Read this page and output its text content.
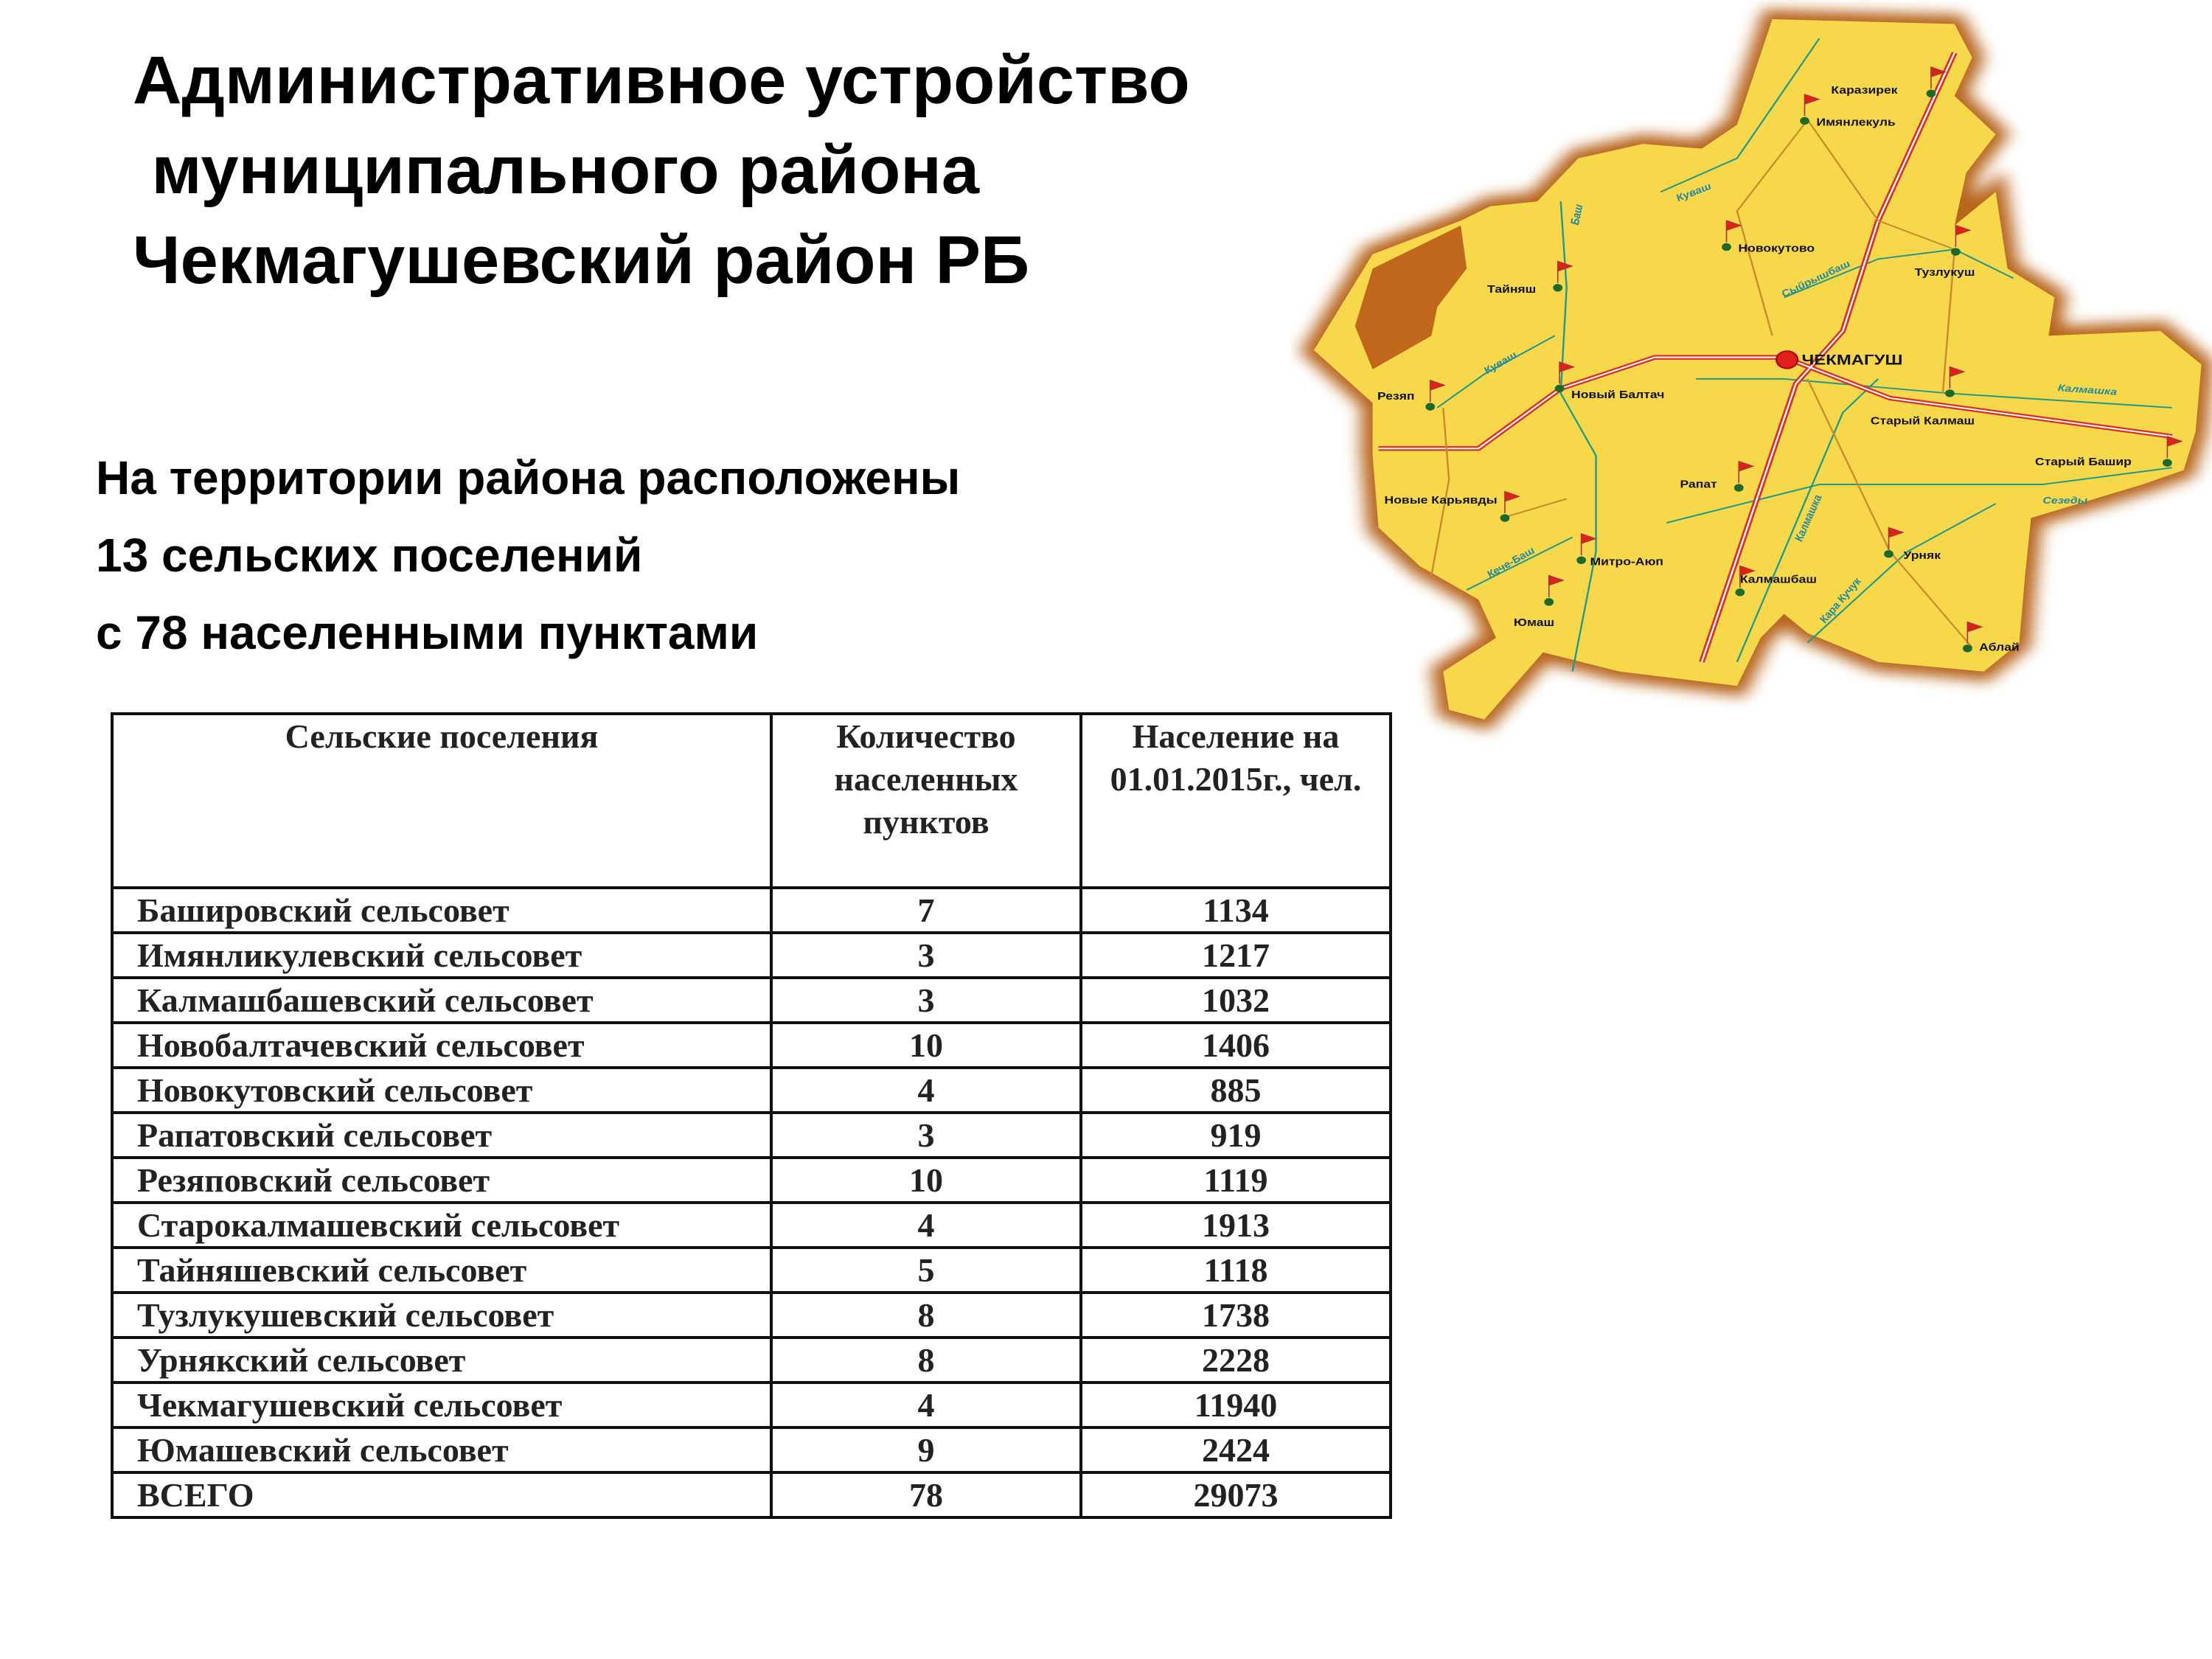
Административное устройство
муниципального района
Чекмагушевский район РБ
На территории района расположены
13 сельских поселений
с 78 населенными пунктами
ЧЕКМАГУШ
Каразирек
Имянлекуль
Новокутово
Тузлукуш
Тайняш
Новый Балтач
Резяп
Старый Калмаш
Старый Башир
Рапат
Новые Карьявды
Митро-Аюп
Калмашбаш
Урняк
Юмаш
Аблай
Куваш
Баш
Сыйрышбаш
Куваш
Калмашка
Сезеды
Калмашка
Кече-Баш
Кара Кучук
Сельские поселения	Количество населенных пунктов	Население на 01.01.2015г., чел.
Башировский сельсовет	7	1134
Имянликулевский сельсовет	3	1217
Калмашбашевский сельсовет	3	1032
Новобалтачевский сельсовет	10	1406
Новокутовский сельсовет	4	885
Рапатовский сельсовет	3	919
Резяповский сельсовет	10	1119
Старокалмашевский сельсовет	4	1913
Тайняшевский сельсовет	5	1118
Тузлукушевский сельсовет	8	1738
Урнякский сельсовет	8	2228
Чекмагушевский сельсовет	4	11940
Юмашевский сельсовет	9	2424
ВСЕГО	78	29073
